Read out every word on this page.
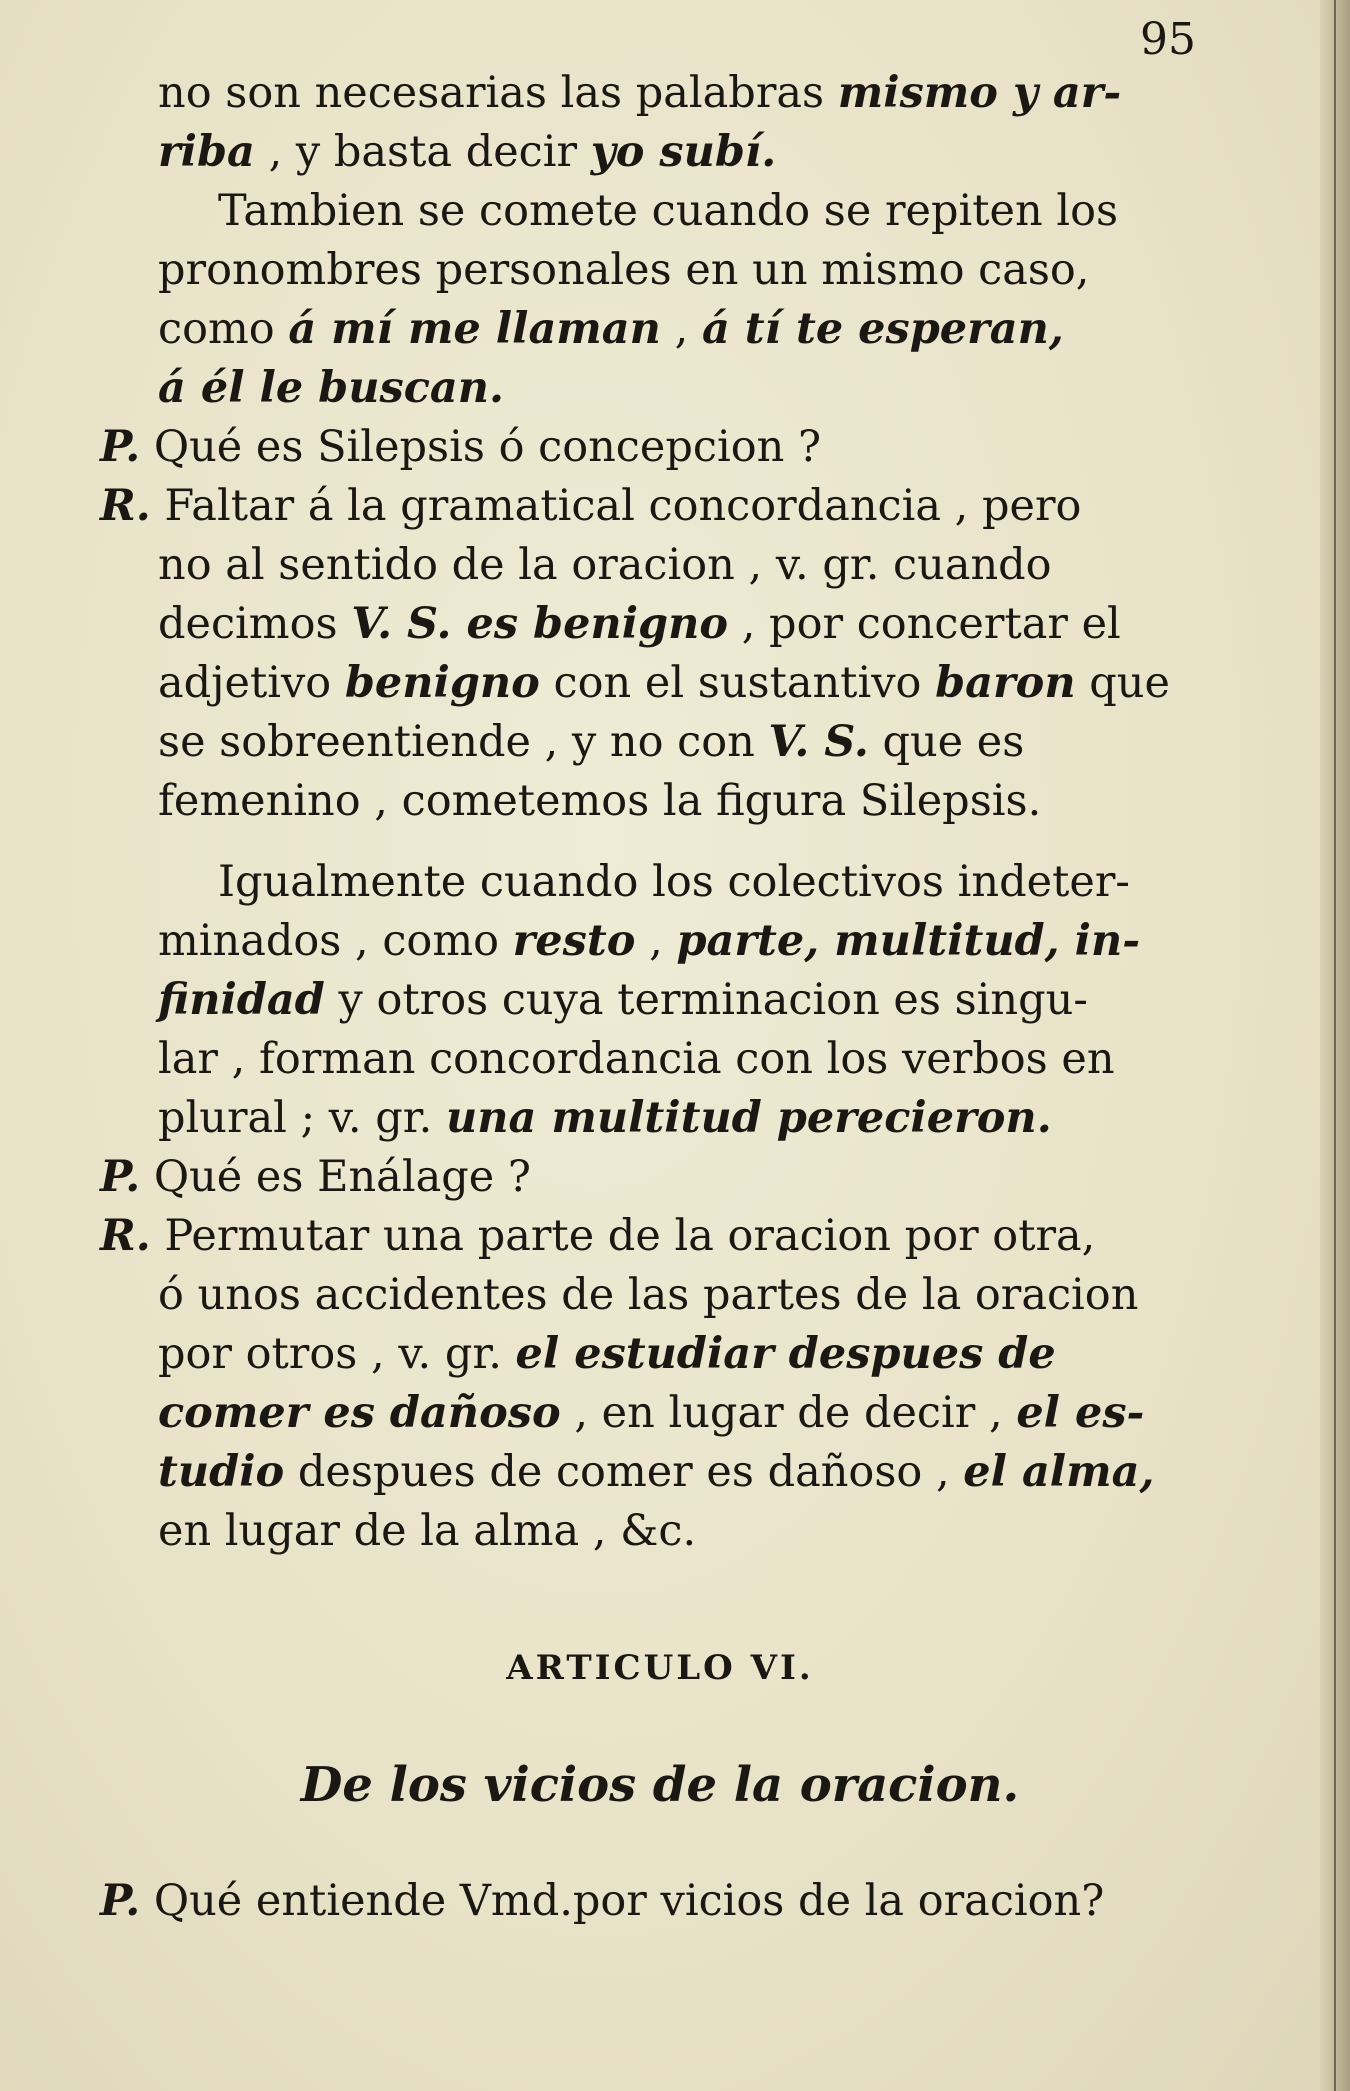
95
no son necesarias las palabras mismo y ar-
riba , y basta decir yo subí.
Tambien se comete cuando se repiten los
pronombres personales en un mismo caso,
como á mí me llaman , á tí te esperan,
á él le buscan.
P. Qué es Silepsis ó concepcion ?
R. Faltar á la gramatical concordancia , pero
no al sentido de la oracion , v. gr. cuando
decimos V. S. es benigno , por concertar el
adjetivo benigno con el sustantivo baron que
se sobreentiende , y no con V. S. que es
femenino , cometemos la figura Silepsis.
Igualmente cuando los colectivos indeter-
minados , como resto , parte, multitud, in-
finidad y otros cuya terminacion es singu-
lar , forman concordancia con los verbos en
plural ; v. gr. una multitud perecieron.
P. Qué es Enálage ?
R. Permutar una parte de la oracion por otra,
ó unos accidentes de las partes de la oracion
por otros , v. gr. el estudiar despues de
comer es dañoso , en lugar de decir , el es-
tudio despues de comer es dañoso , el alma,
en lugar de la alma , &c.
ARTICULO VI.
De los vicios de la oracion.
P. Qué entiende Vmd.por vicios de la oracion?
